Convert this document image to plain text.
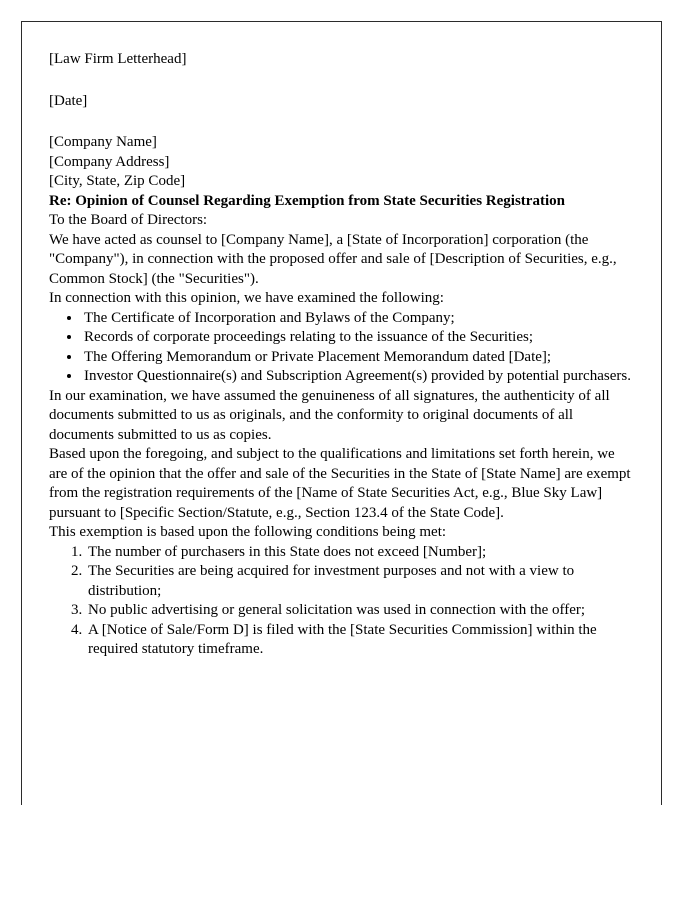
[Law Firm Letterhead]

[Date]

[Company Name]

[Company Address]

[City, State, Zip Code]

Re: Opinion of Counsel Regarding Exemption from State Securities Registration

To the Board of Directors:

We have acted as counsel to [Company Name], a [State of Incorporation] corporation (the "Company"), in connection with the proposed offer and sale of [Description of Securities, e.g., Common Stock] (the "Securities").

In connection with this opinion, we have examined the following:

• The Certificate of Incorporation and Bylaws of the Company;
• Records of corporate proceedings relating to the issuance of the Securities;
• The Offering Memorandum or Private Placement Memorandum dated [Date];
• Investor Questionnaire(s) and Subscription Agreement(s) provided by potential purchasers.

In our examination, we have assumed the genuineness of all signatures, the authenticity of all documents submitted to us as originals, and the conformity to original documents of all documents submitted to us as copies.

Based upon the foregoing, and subject to the qualifications and limitations set forth herein, we are of the opinion that the offer and sale of the Securities in the State of [State Name] are exempt from the registration requirements of the [Name of State Securities Act, e.g., Blue Sky Law] pursuant to [Specific Section/Statute, e.g., Section 123.4 of the State Code].

This exemption is based upon the following conditions being met:

1. The number of purchasers in this State does not exceed [Number];
2. The Securities are being acquired for investment purposes and not with a view to distribution;
3. No public advertising or general solicitation was used in connection with the offer;
4. A [Notice of Sale/Form D] is filed with the [State Securities Commission] within the required statutory timeframe.
